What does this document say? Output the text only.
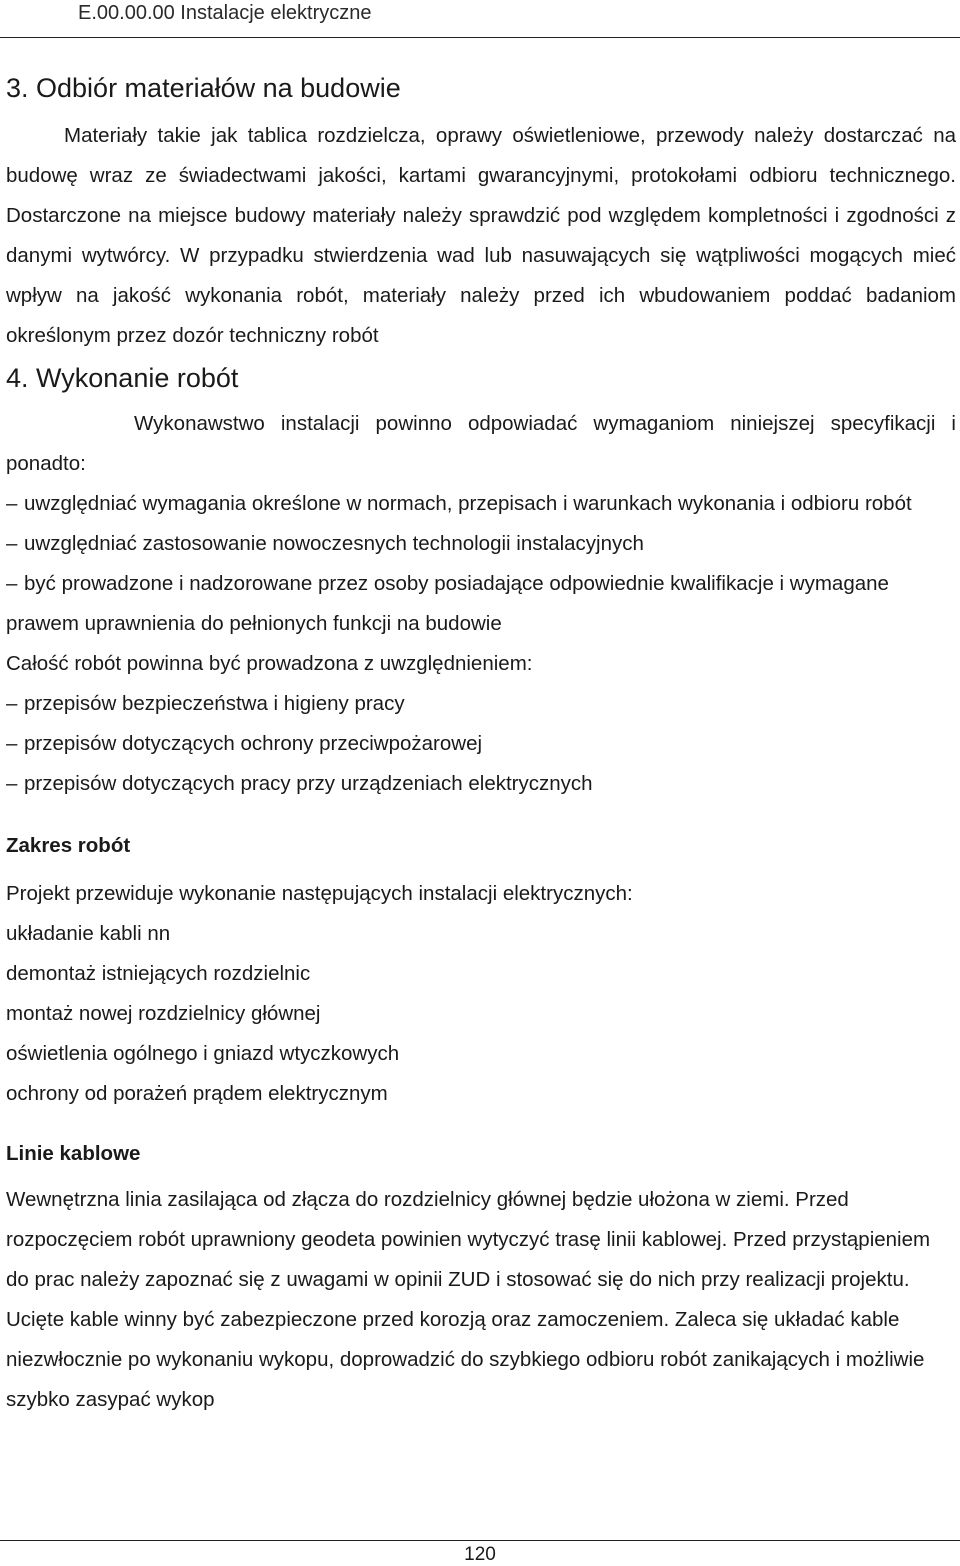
E.00.00.00 Instalacje elektryczne
3. Odbiór materiałów na budowie

Materiały takie jak tablica rozdzielcza, oprawy oświetleniowe, przewody należy dostarczać na budowę wraz ze świadectwami jakości, kartami gwarancyjnymi, protokołami odbioru technicznego. Dostarczone na miejsce budowy materiały należy sprawdzić pod względem kompletności i zgodności z danymi wytwórcy. W przypadku stwierdzenia wad lub nasuwających się wątpliwości mogących mieć wpływ na jakość wykonania robót, materiały należy przed ich wbudowaniem poddać badaniom określonym przez dozór techniczny robót

4. Wykonanie robót

Wykonawstwo instalacji powinno odpowiadać wymaganiom niniejszej specyfikacji i ponadto:

– uwzględniać wymagania określone w normach, przepisach i warunkach wykonania i odbioru robót

– uwzględniać zastosowanie nowoczesnych technologii instalacyjnych

– być prowadzone i nadzorowane przez osoby posiadające odpowiednie kwalifikacje i wymagane prawem uprawnienia do pełnionych funkcji na budowie

Całość robót powinna być prowadzona z uwzględnieniem:

– przepisów bezpieczeństwa i higieny pracy

– przepisów dotyczących ochrony przeciwpożarowej

– przepisów dotyczących pracy przy urządzeniach elektrycznych

Zakres robót

Projekt przewiduje wykonanie następujących instalacji elektrycznych:

układanie kabli nn

demontaż istniejących rozdzielnic

montaż nowej rozdzielnicy głównej

oświetlenia ogólnego i gniazd wtyczkowych

ochrony od porażeń prądem elektrycznym

Linie kablowe

Wewnętrzna linia zasilająca od złącza do rozdzielnicy głównej będzie ułożona w ziemi. Przed rozpoczęciem robót uprawniony geodeta powinien wytyczyć trasę linii kablowej. Przed przystąpieniem do prac należy zapoznać się z uwagami w opinii ZUD i stosować się do nich przy realizacji projektu. Ucięte kable winny być zabezpieczone przed korozją oraz zamoczeniem. Zaleca się układać kable niezwłocznie po wykonaniu wykopu, doprowadzić do szybkiego odbioru robót zanikających i możliwie szybko zasypać wykop

120
